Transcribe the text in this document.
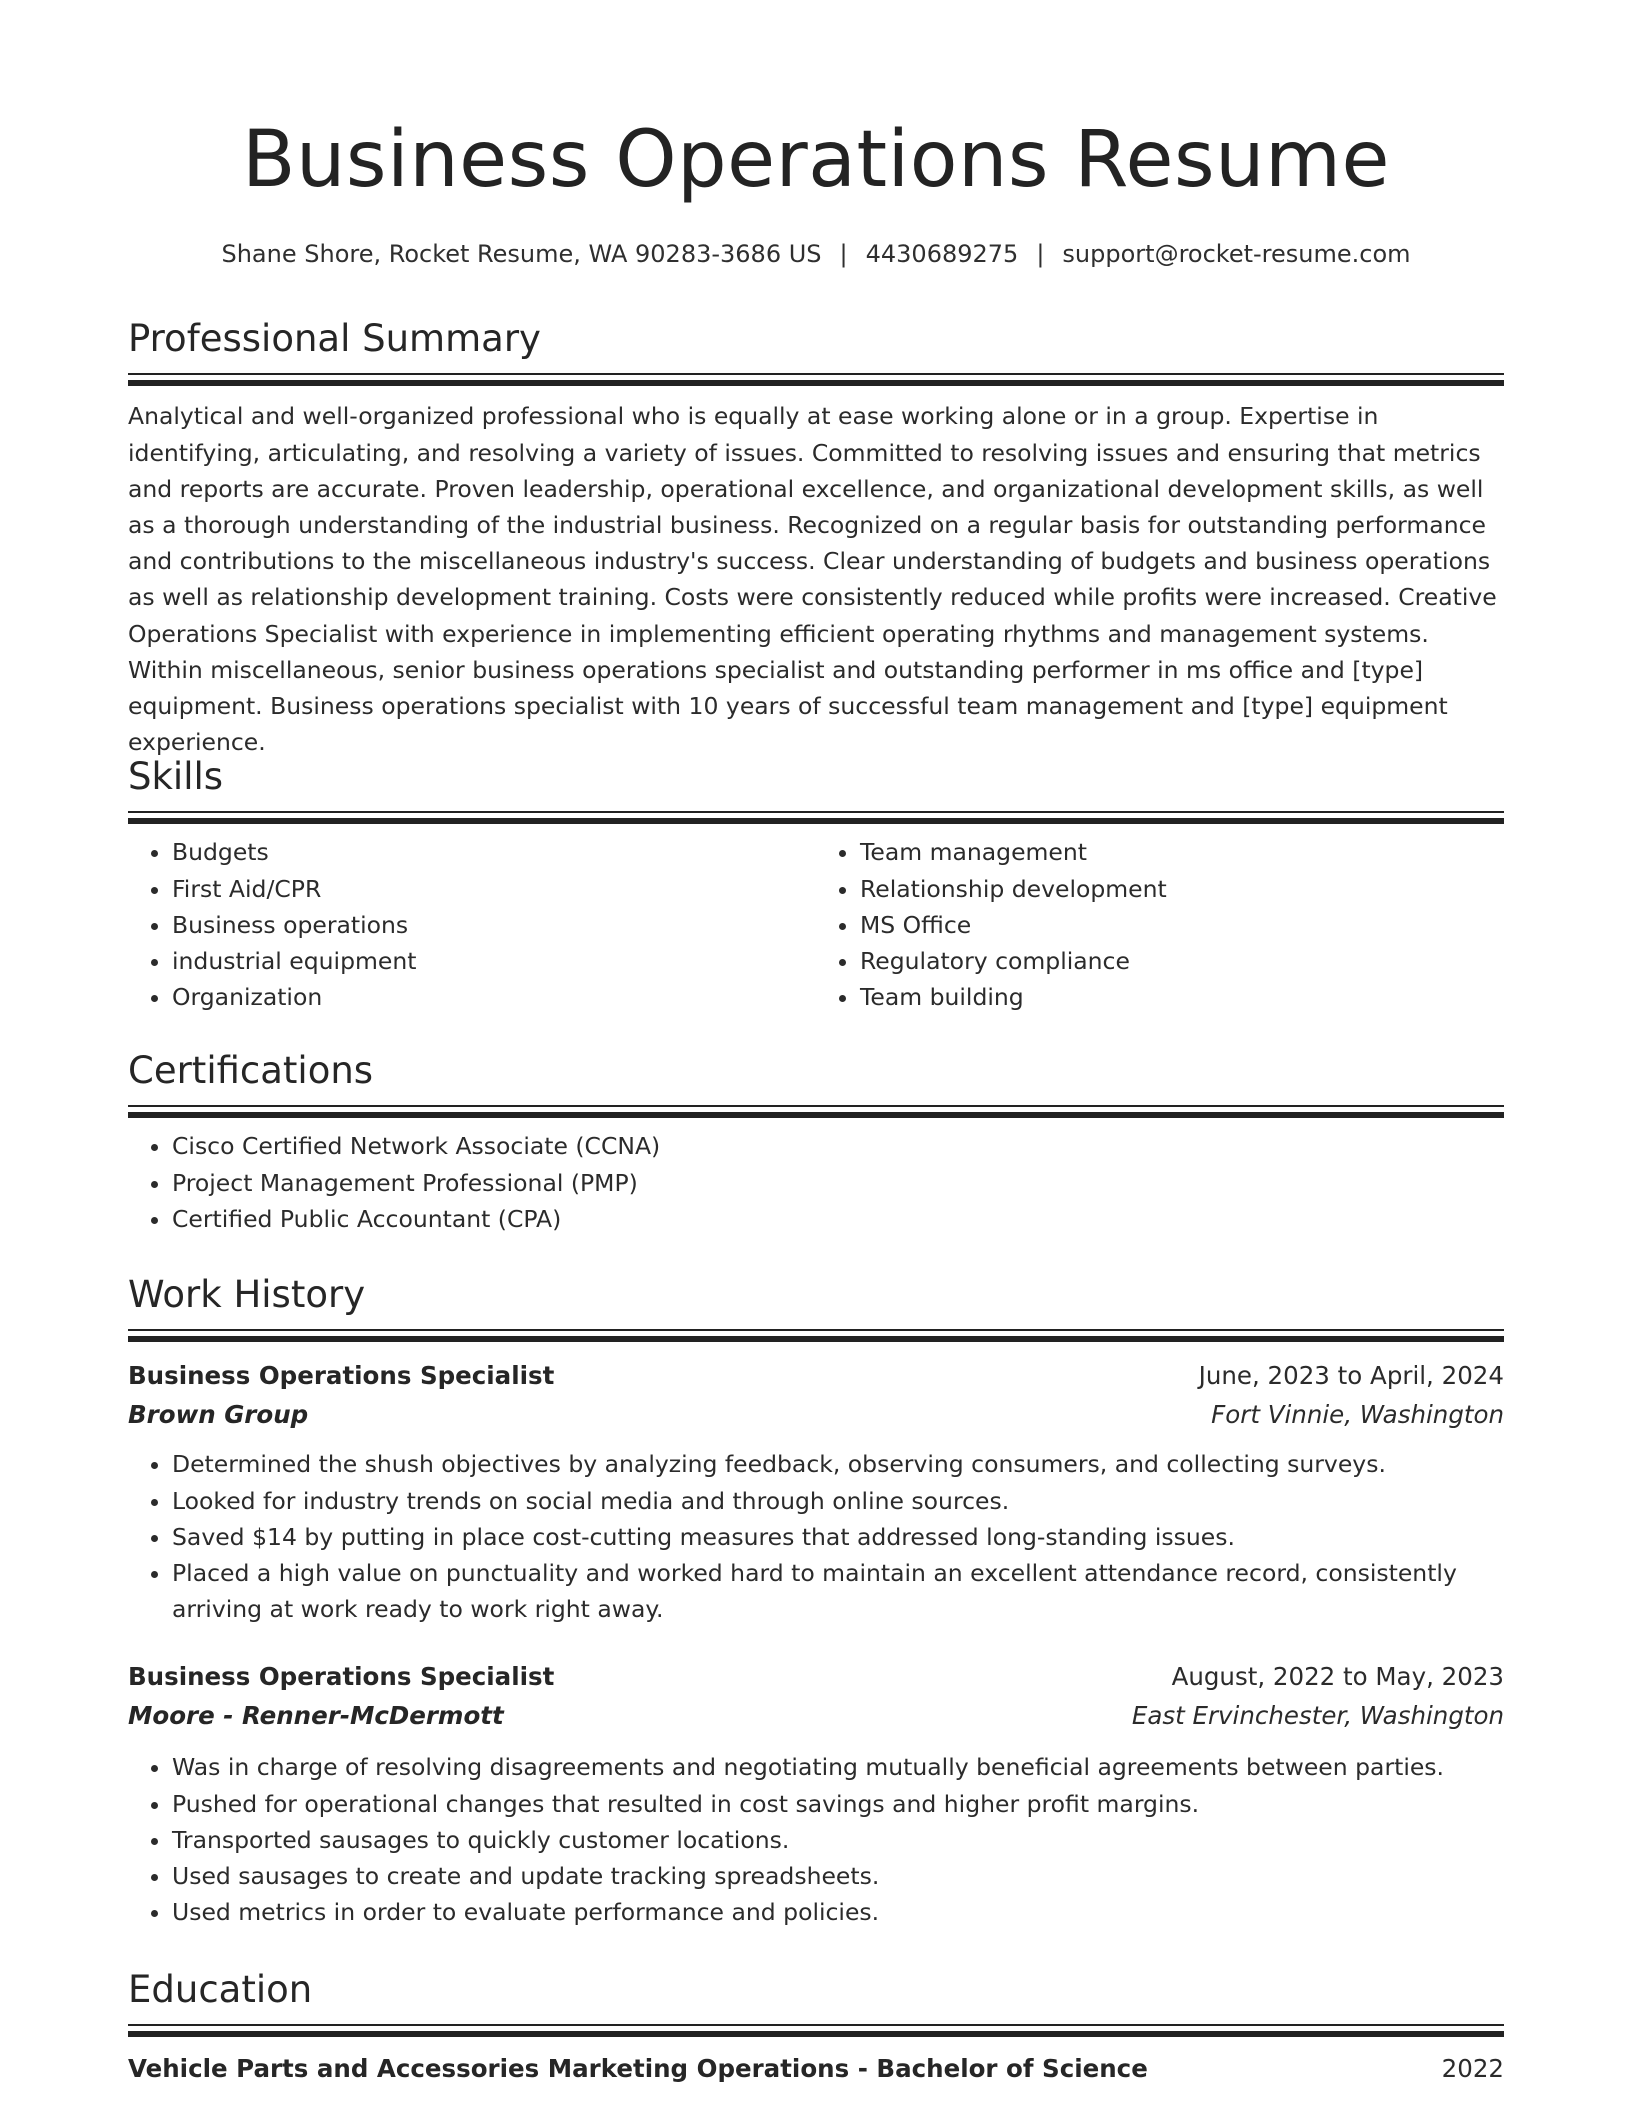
Business Operations Resume
Shane Shore, Rocket Resume, WA 90283-3686 US | 4430689275 | support@rocket-resume.com
Professional Summary

Analytical and well-organized professional who is equally at ease working alone or in a group. Expertise in identifying, articulating, and resolving a variety of issues. Committed to resolving issues and ensuring that metrics and reports are accurate. Proven leadership, operational excellence, and organizational development skills, as well as a thorough understanding of the industrial business. Recognized on a regular basis for outstanding performance and contributions to the miscellaneous industry's success. Clear understanding of budgets and business operations as well as relationship development training. Costs were consistently reduced while profits were increased. Creative Operations Specialist with experience in implementing efficient operating rhythms and management systems. Within miscellaneous, senior business operations specialist and outstanding performer in ms office and [type] equipment. Business operations specialist with 10 years of successful team management and [type] equipment experience.

Skills
• Budgets
• First Aid/CPR
• Business operations
• industrial equipment
• Organization
• Team management
• Relationship development
• MS Office
• Regulatory compliance
• Team building
Certifications
• Cisco Certified Network Associate (CCNA)
• Project Management Professional (PMP)
• Certified Public Accountant (CPA)
Work History
Business Operations Specialist	June, 2023 to April, 2024
Brown Group	Fort Vinnie, Washington
• Determined the shush objectives by analyzing feedback, observing consumers, and collecting surveys.
• Looked for industry trends on social media and through online sources.
• Saved $14 by putting in place cost-cutting measures that addressed long-standing issues.
• Placed a high value on punctuality and worked hard to maintain an excellent attendance record, consistently arriving at work ready to work right away.
Business Operations Specialist	August, 2022 to May, 2023
Moore - Renner-McDermott	East Ervinchester, Washington
• Was in charge of resolving disagreements and negotiating mutually beneficial agreements between parties.
• Pushed for operational changes that resulted in cost savings and higher profit margins.
• Transported sausages to quickly customer locations.
• Used sausages to create and update tracking spreadsheets.
• Used metrics in order to evaluate performance and policies.
Education
Vehicle Parts and Accessories Marketing Operations - Bachelor of Science	2022
